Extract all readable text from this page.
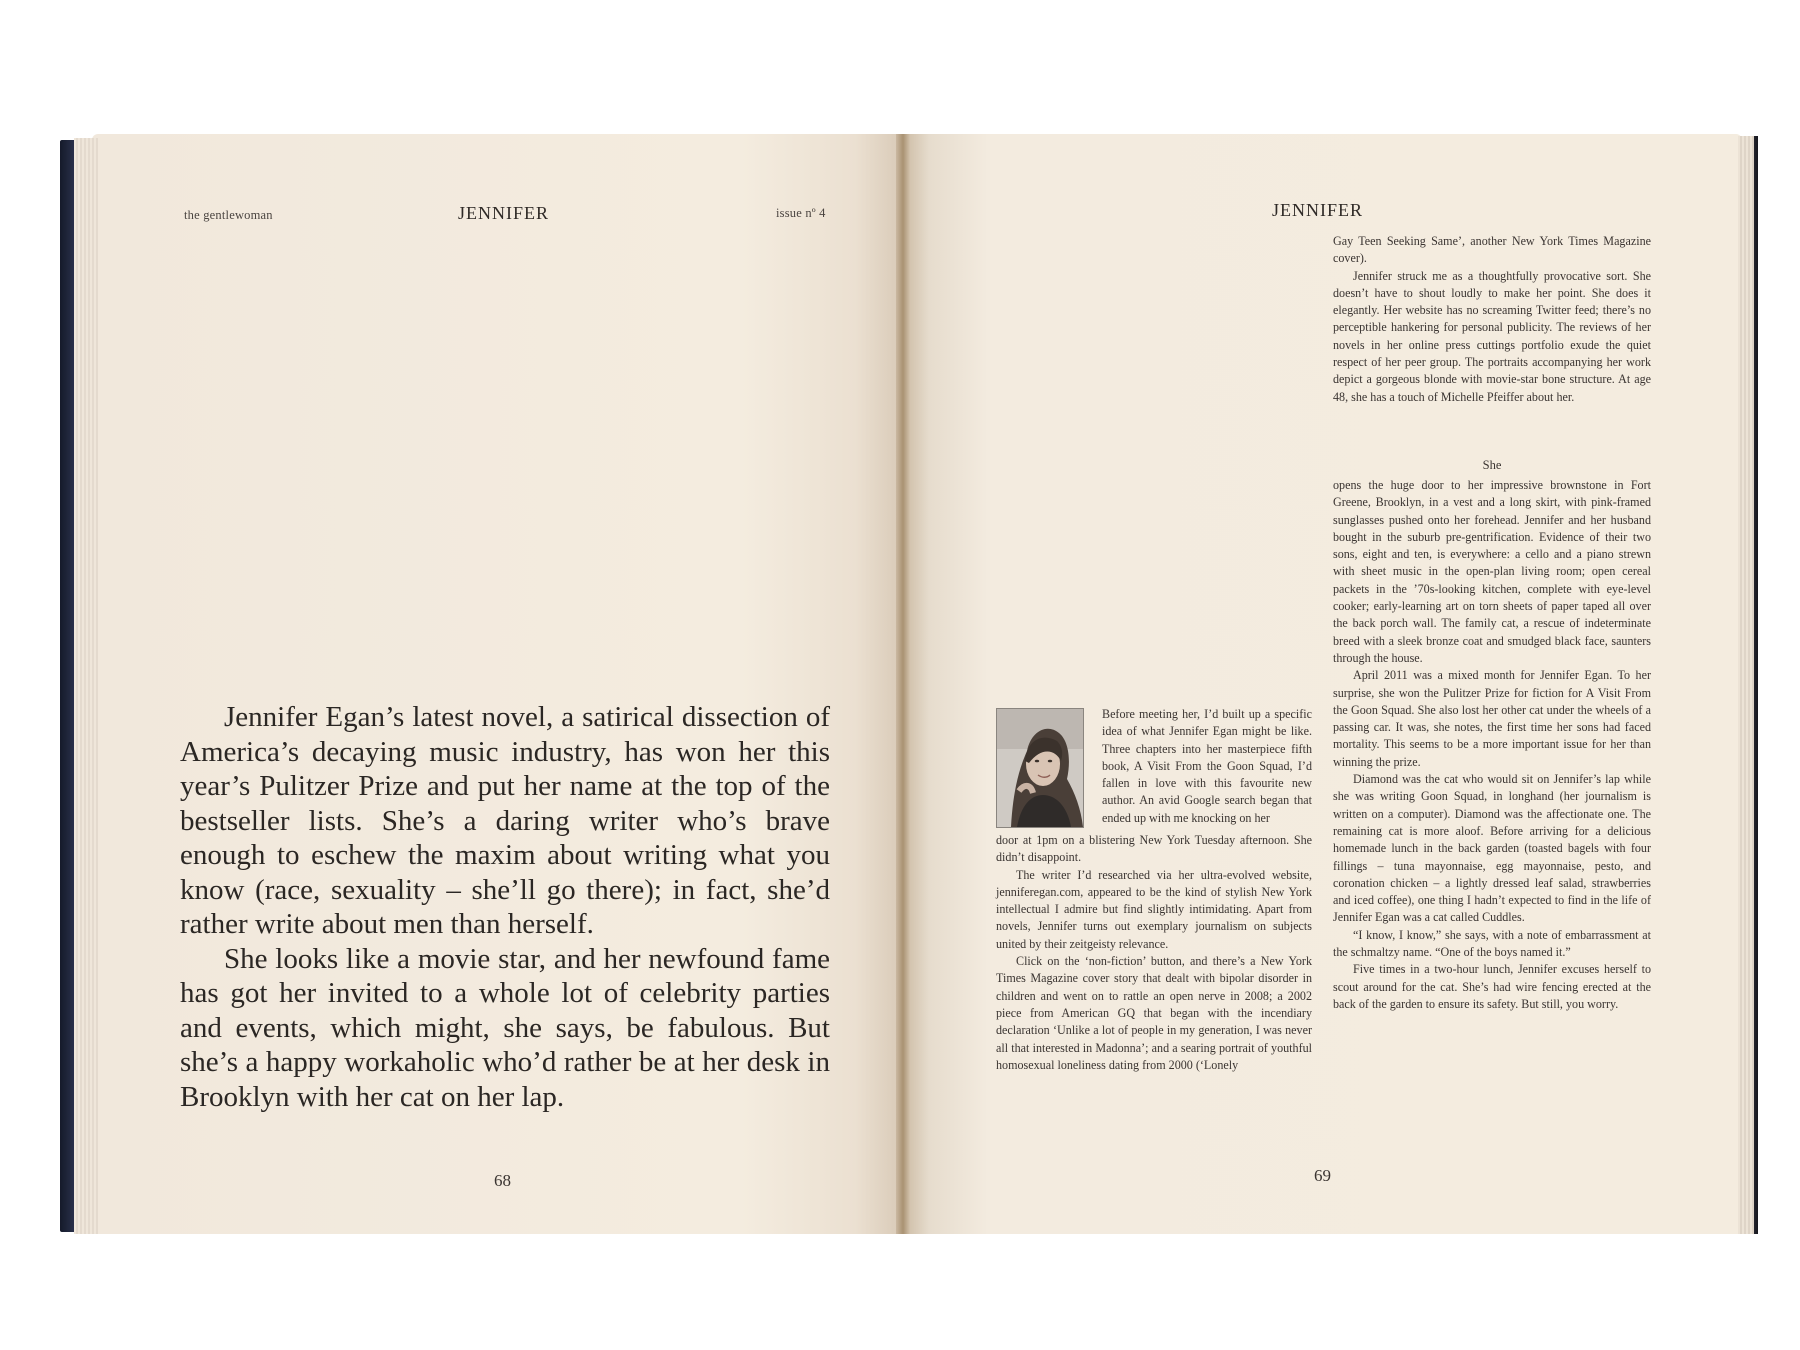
the gentlewoman	JENNIFER	issue nº 4

Jennifer Egan’s latest novel, a satirical dissection of America’s decaying music industry, has won her this year’s Pulitzer Prize and put her name at the top of the bestseller lists. She’s a daring writer who’s brave enough to eschew the maxim about writing what you know (race, sexuality – she’ll go there); in fact, she’d rather write about men than herself.

She looks like a movie star, and her newfound fame has got her invited to a whole lot of celebrity parties and events, which might, she says, be fabulous. But she’s a happy workaholic who’d rather be at her desk in Brooklyn with her cat on her lap.

68
JENNIFER

Gay Teen Seeking Same’, another New York Times Magazine cover).

Jennifer struck me as a thoughtfully provocative sort. She doesn’t have to shout loudly to make her point. She does it elegantly. Her website has no screaming Twitter feed; there’s no perceptible hankering for personal publicity. The reviews of her novels in her online press cuttings portfolio exude the quiet respect of her peer group. The portraits accompanying her work depict a gorgeous blonde with movie-star bone structure. At age 48, she has a touch of Michelle Pfeiffer about her.

She

opens the huge door to her impressive brownstone in Fort Greene, Brooklyn, in a vest and a long skirt, with pink-framed sunglasses pushed onto her forehead. Jennifer and her husband bought in the suburb pre-gentrification. Evidence of their two sons, eight and ten, is everywhere: a cello and a piano strewn with sheet music in the open-plan living room; open cereal packets in the ’70s-looking kitchen, complete with eye-level cooker; early-learning art on torn sheets of paper taped all over the back porch wall. The family cat, a rescue of indeterminate breed with a sleek bronze coat and smudged black face, saunters through the house.

April 2011 was a mixed month for Jennifer Egan. To her surprise, she won the Pulitzer Prize for fiction for A Visit From the Goon Squad. She also lost her other cat under the wheels of a passing car. It was, she notes, the first time her sons had faced mortality. This seems to be a more important issue for her than winning the prize.

Diamond was the cat who would sit on Jennifer’s lap while she was writing Goon Squad, in longhand (her journalism is written on a computer). Diamond was the affectionate one. The remaining cat is more aloof. Before arriving for a delicious homemade lunch in the back garden (toasted bagels with four fillings – tuna mayonnaise, egg mayonnaise, pesto, and coronation chicken – a lightly dressed leaf salad, strawberries and iced coffee), one thing I hadn’t expected to find in the life of Jennifer Egan was a cat called Cuddles.

“I know, I know,” she says, with a note of embarrassment at the schmaltzy name. “One of the boys named it.”

Five times in a two-hour lunch, Jennifer excuses herself to scout around for the cat. She’s had wire fencing erected at the back of the garden to ensure its safety. But still, you worry.

Before meeting her, I’d built up a specific idea of what Jennifer Egan might be like. Three chapters into her masterpiece fifth book, A Visit From the Goon Squad, I’d fallen in love with this favourite new author. An avid Google search began that ended up with me knocking on her

door at 1pm on a blistering New York Tuesday afternoon. She didn’t disappoint.

The writer I’d researched via her ultra-evolved website, jenniferegan.com, appeared to be the kind of stylish New York intellectual I admire but find slightly intimidating. Apart from novels, Jennifer turns out exemplary journalism on subjects united by their zeitgeisty relevance.

Click on the ‘non-fiction’ button, and there’s a New York Times Magazine cover story that dealt with bipolar disorder in children and went on to rattle an open nerve in 2008; a 2002 piece from American GQ that began with the incendiary declaration ‘Unlike a lot of people in my generation, I was never all that interested in Madonna’; and a searing portrait of youthful homosexual loneliness dating from 2000 (‘Lonely

69
